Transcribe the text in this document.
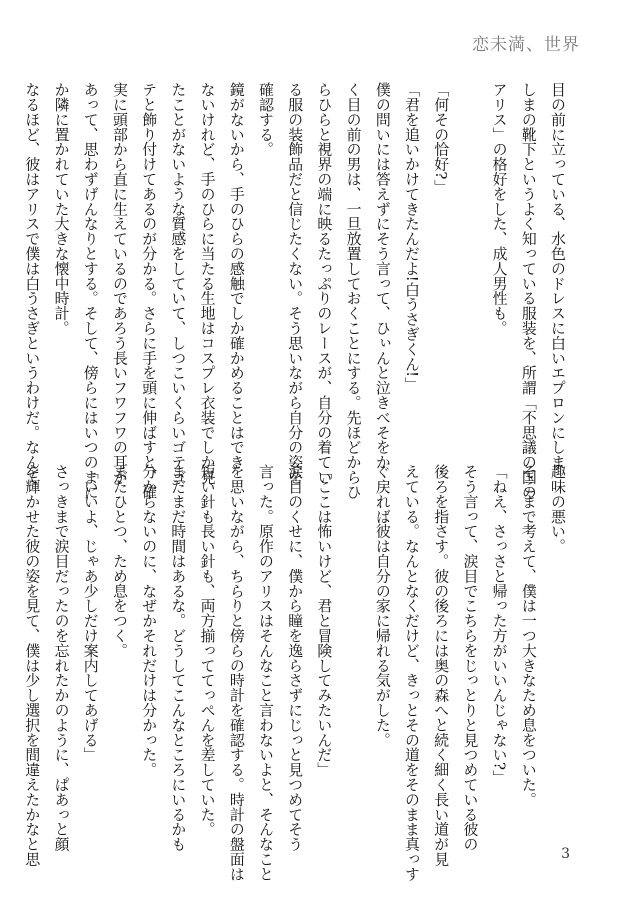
恋未満、世界

目の前に立っている、水色のドレスに白いエプロンにしま

しまの靴下というよく知っている服装を、所謂「不思議の国の

アリス」の格好をした、成人男性も。

「何その恰好?」

「君を追いかけてきたんだよ!白うさぎくん!」

僕の問いには答えずにそう言って、ひぃんと泣きべそをか

く目の前の男は、一旦放置しておくことにする。先ほどからひ

らひらと視界の端に映るたっぷりのレースが、自分の着てい

る服の装飾品だと信じたくない。そう思いながら自分の姿を

確認する。

鏡がないから、手のひらの感触でしか確かめることはでき

ないけれど、手のひらに当たる生地はコスプレ衣装でしか見

たことがないような質感をしていて、しつこいくらいゴテゴ

テと飾り付けてあるのが分かる。さらに手を頭に伸ばすと、確

実に頭部から直に生えているのであろう長いフワフワの耳が

あって、思わずげんなりとする。そして、傍らにはいつのまに

か隣に置かれていた大きな懐中時計。

なるほど、彼はアリスで僕は白うさぎというわけだ。なんて

趣味の悪い。

そこまで考えて、僕は一つ大きなため息をついた。

「ねえ、さっさと帰った方がいいんじゃない?」

そう言って、涙目でこちらをじっとりと見つめている彼の

後ろを指さす。彼の後ろには奥の森へと続く細く長い道が見

えている。なんとなくだけど、きっとその道をそのまま真っす

ぐ戻れば彼は自分の家に帰れる気がした。

「ここは怖いけど、君と冒険してみたいんだ」

涙目のくせに、僕から瞳を逸らさずにじっと見つめてそう

言った。原作のアリスはそんなこと言わないよと、そんなこと

を思いながら、ちらりと傍らの時計を確認する。時計の盤面は

短い針も長い針も、両方揃っててっぺんを差していた。

まだまだ時間はあるな。どうしてこんなところにいるかも

分からないのに、なぜかそれだけは分かった。

またひとつ、ため息をつく。

「いいよ、じゃあ少しだけ案内してあげる」

さっきまで涙目だったのを忘れたかのように、ぱあっと顔

を輝かせた彼の姿を見て、僕は少し選択を間違えたかなと思	3
